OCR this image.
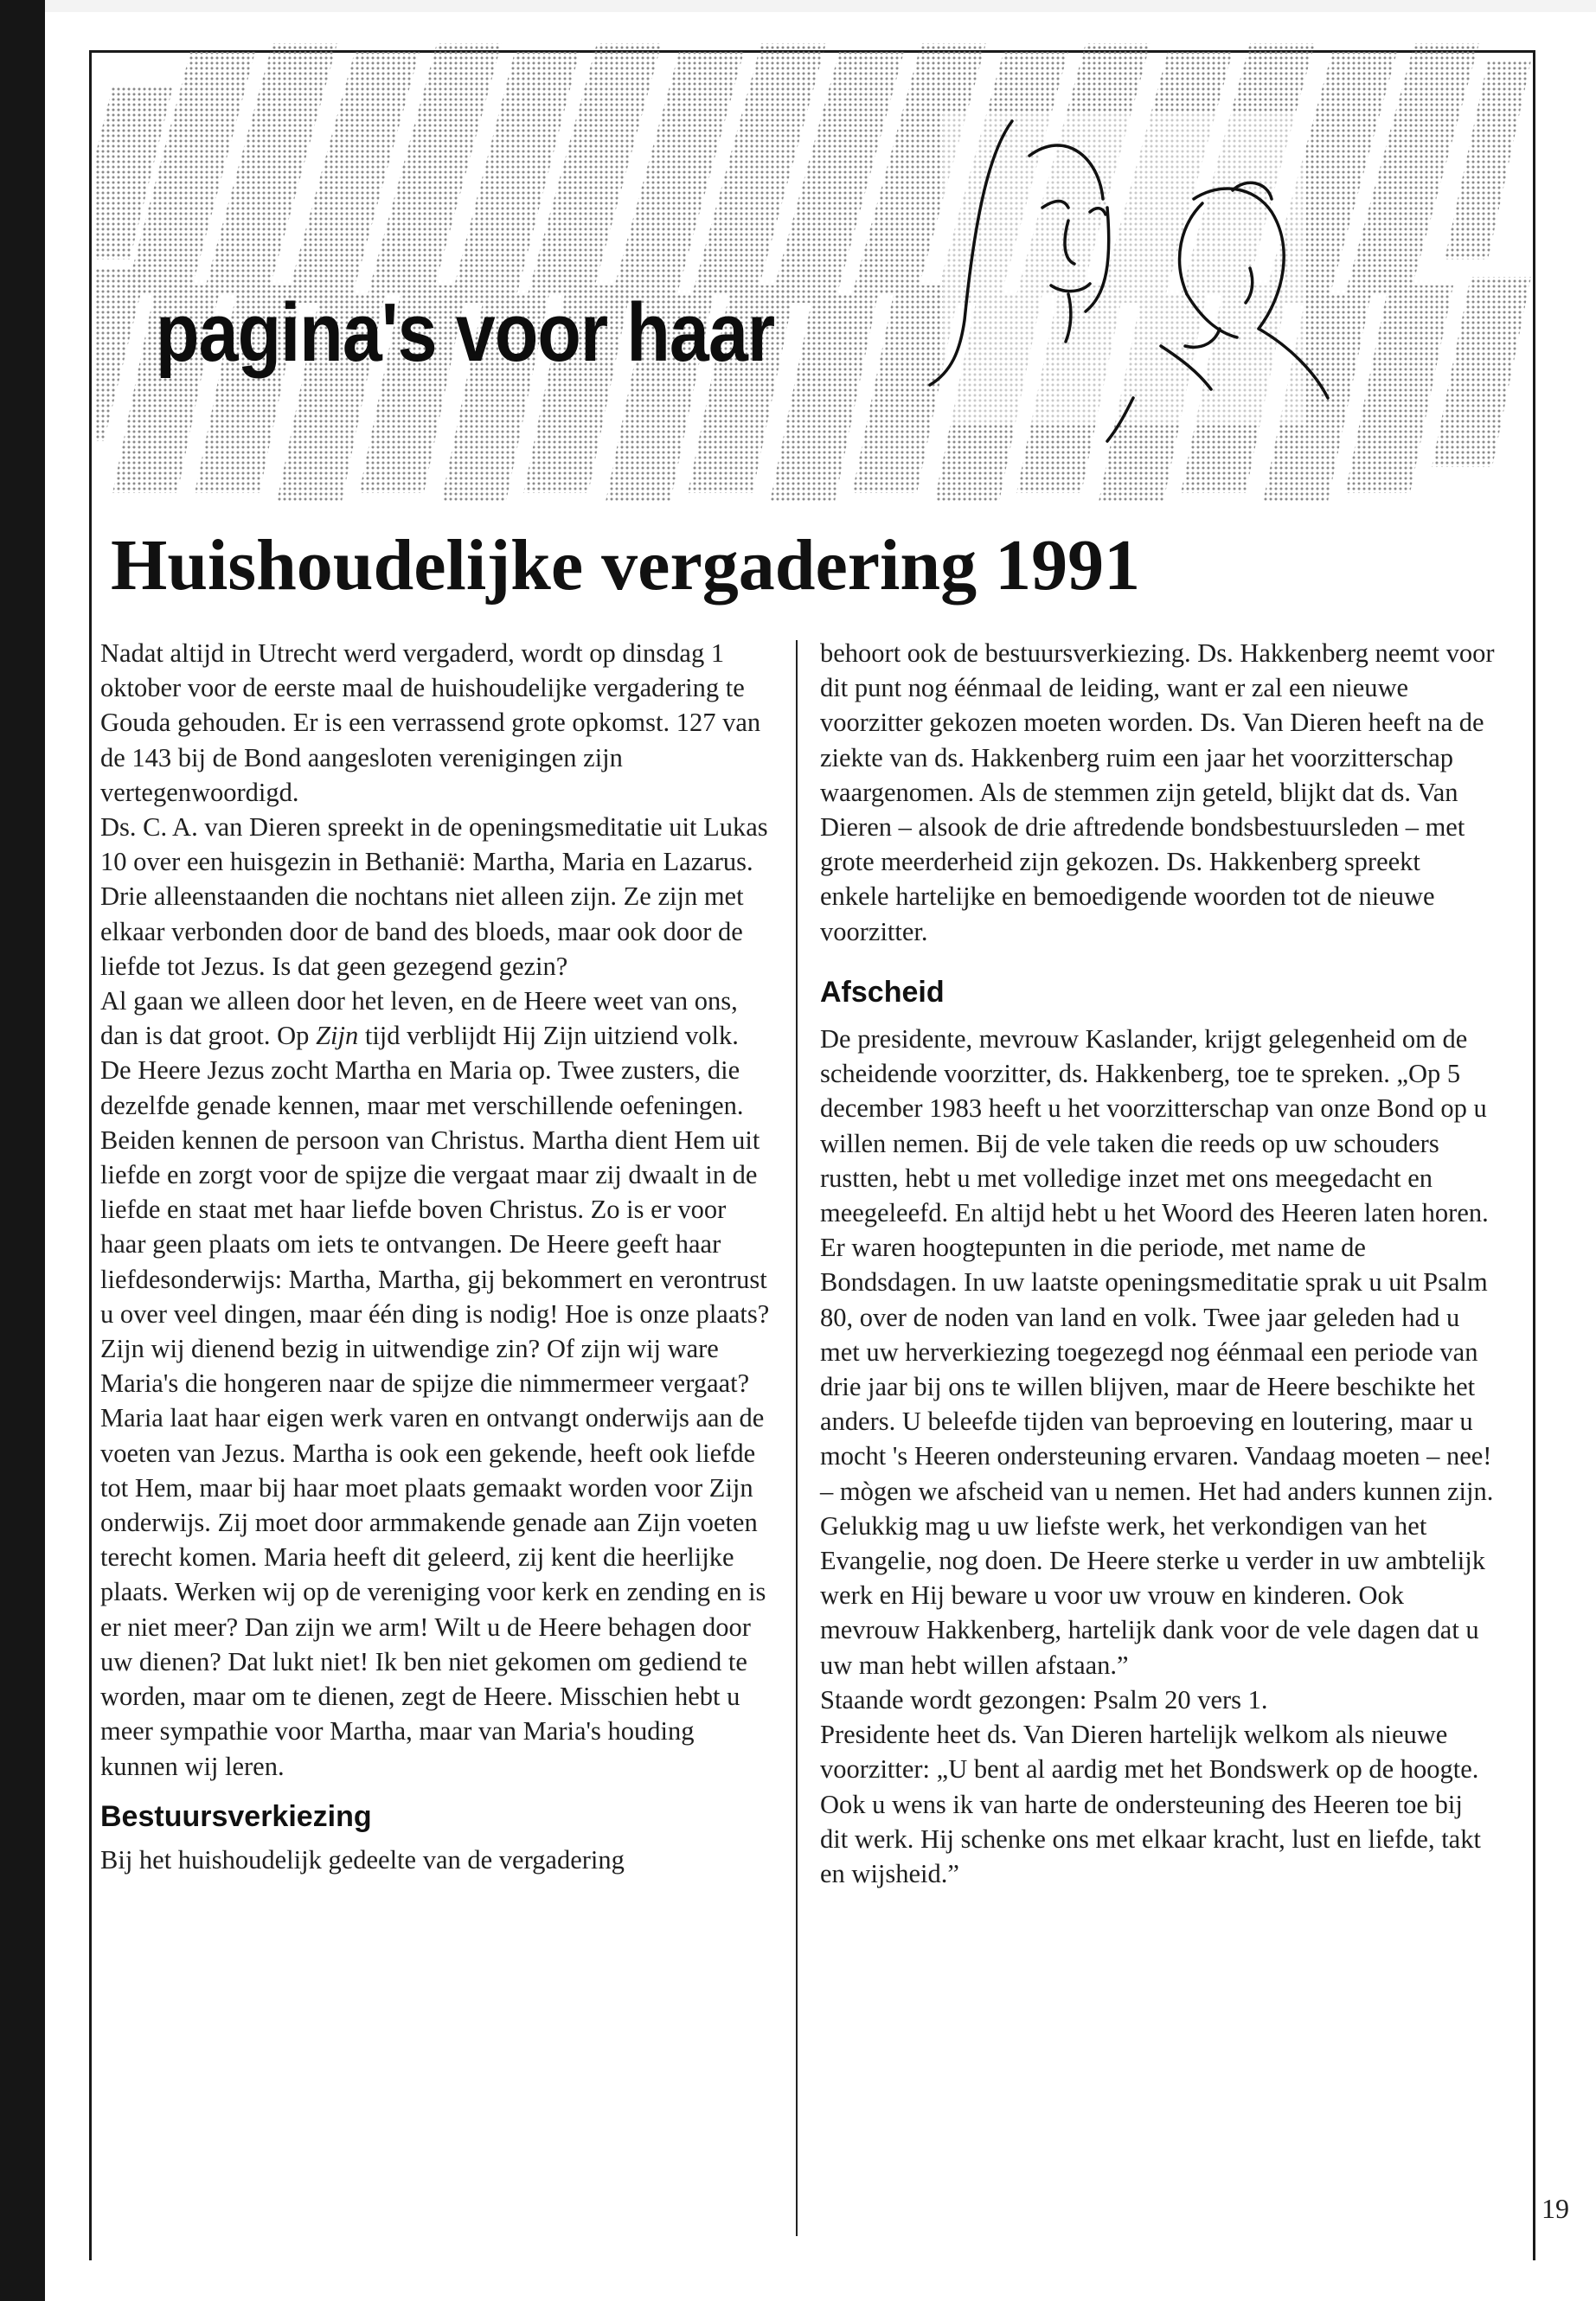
pagina's voor haar
Huishoudelijke vergadering 1991

Nadat altijd in Utrecht werd vergaderd, wordt op dinsdag 1 oktober voor de eerste maal de huishoudelijke vergadering te Gouda gehouden. Er is een verrassend grote opkomst. 127 van de 143 bij de Bond aangesloten verenigingen zijn vertegenwoordigd.

Ds. C. A. van Dieren spreekt in de openingsmeditatie uit Lukas 10 over een huisgezin in Bethanië: Martha, Maria en Lazarus. Drie alleenstaanden die nochtans niet alleen zijn. Ze zijn met elkaar verbonden door de band des bloeds, maar ook door de liefde tot Jezus. Is dat geen gezegend gezin?

Al gaan we alleen door het leven, en de Heere weet van ons, dan is dat groot. Op Zijn tijd verblijdt Hij Zijn uitziend volk.

De Heere Jezus zocht Martha en Maria op. Twee zusters, die dezelfde genade kennen, maar met verschillende oefeningen. Beiden kennen de persoon van Christus. Martha dient Hem uit liefde en zorgt voor de spijze die vergaat maar zij dwaalt in de liefde en staat met haar liefde boven Christus. Zo is er voor haar geen plaats om iets te ontvangen. De Heere geeft haar liefdesonderwijs: Martha, Martha, gij bekommert en verontrust u over veel dingen, maar één ding is nodig! Hoe is onze plaats? Zijn wij dienend bezig in uitwendige zin? Of zijn wij ware Maria's die hongeren naar de spijze die nimmermeer vergaat? Maria laat haar eigen werk varen en ontvangt onderwijs aan de voeten van Jezus. Martha is ook een gekende, heeft ook liefde tot Hem, maar bij haar moet plaats gemaakt worden voor Zijn onderwijs. Zij moet door armmakende genade aan Zijn voeten terecht komen. Maria heeft dit geleerd, zij kent die heerlijke plaats. Werken wij op de vereniging voor kerk en zending en is er niet meer? Dan zijn we arm! Wilt u de Heere behagen door uw dienen? Dat lukt niet! Ik ben niet gekomen om gediend te worden, maar om te dienen, zegt de Heere. Misschien hebt u meer sympathie voor Martha, maar van Maria's houding kunnen wij leren.

Bestuursverkiezing

Bij het huishoudelijk gedeelte van de vergadering

behoort ook de bestuursverkiezing. Ds. Hakkenberg neemt voor dit punt nog éénmaal de leiding, want er zal een nieuwe voorzitter gekozen moeten worden. Ds. Van Dieren heeft na de ziekte van ds. Hakkenberg ruim een jaar het voorzitterschap waargenomen. Als de stemmen zijn geteld, blijkt dat ds. Van Dieren – alsook de drie aftredende bondsbestuursleden – met grote meerderheid zijn gekozen. Ds. Hakkenberg spreekt enkele hartelijke en bemoedigende woorden tot de nieuwe voorzitter.

Afscheid

De presidente, mevrouw Kaslander, krijgt gelegenheid om de scheidende voorzitter, ds. Hakkenberg, toe te spreken. „Op 5 december 1983 heeft u het voorzitterschap van onze Bond op u willen nemen. Bij de vele taken die reeds op uw schouders rustten, hebt u met volledige inzet met ons meegedacht en meegeleefd. En altijd hebt u het Woord des Heeren laten horen. Er waren hoogtepunten in die periode, met name de Bondsdagen. In uw laatste openingsmeditatie sprak u uit Psalm 80, over de noden van land en volk. Twee jaar geleden had u met uw herverkiezing toegezegd nog éénmaal een periode van drie jaar bij ons te willen blijven, maar de Heere beschikte het anders. U beleefde tijden van beproeving en loutering, maar u mocht 's Heeren ondersteuning ervaren. Vandaag moeten – nee! – mògen we afscheid van u nemen. Het had anders kunnen zijn. Gelukkig mag u uw liefste werk, het verkondigen van het Evangelie, nog doen. De Heere sterke u verder in uw ambtelijk werk en Hij beware u voor uw vrouw en kinderen. Ook mevrouw Hakkenberg, hartelijk dank voor de vele dagen dat u uw man hebt willen afstaan.”

Staande wordt gezongen: Psalm 20 vers 1.

Presidente heet ds. Van Dieren hartelijk welkom als nieuwe voorzitter: „U bent al aardig met het Bondswerk op de hoogte. Ook u wens ik van harte de ondersteuning des Heeren toe bij dit werk. Hij schenke ons met elkaar kracht, lust en liefde, takt en wijsheid.”

19
